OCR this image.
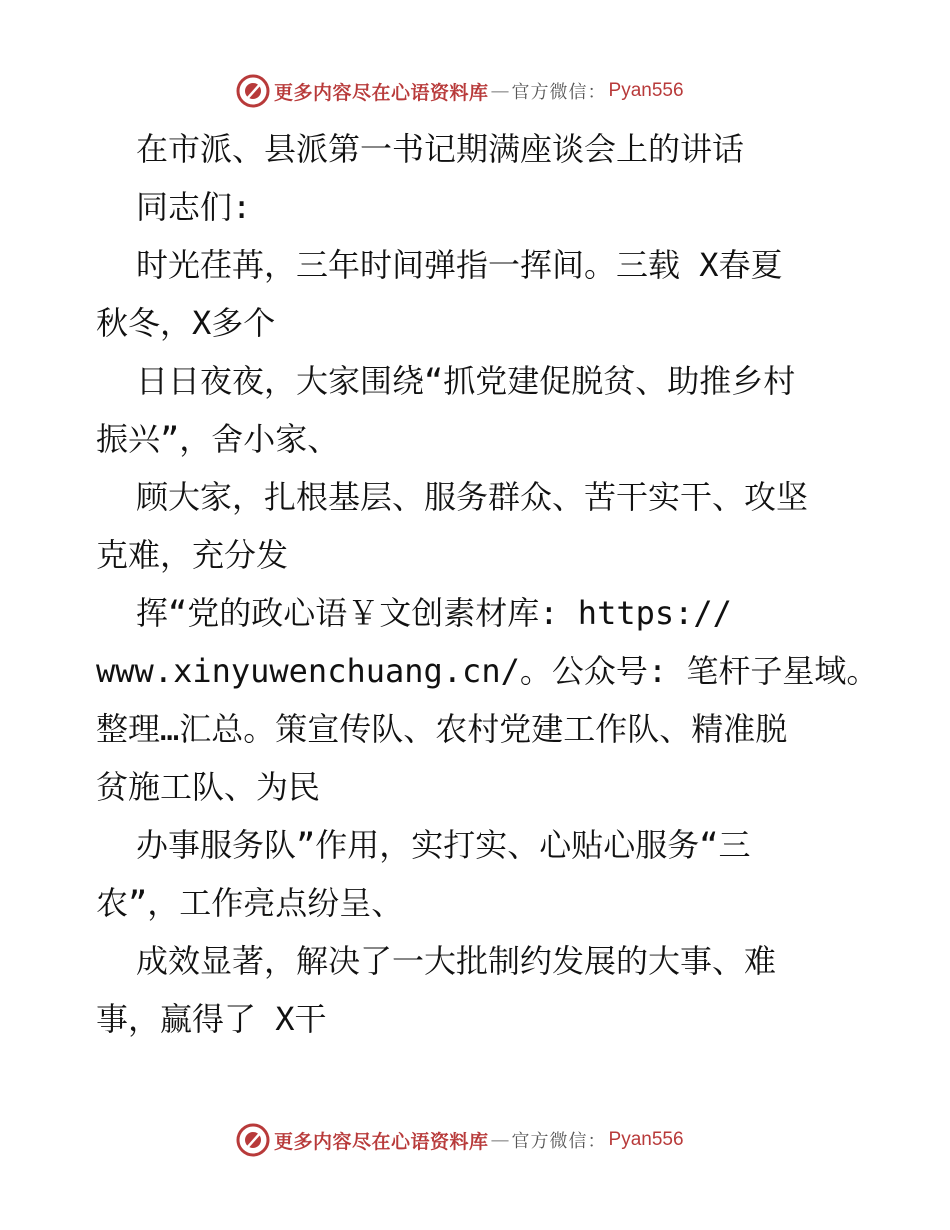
更多内容尽在心语资料库 — 官方微信： Pyan556
在市派、县派第一书记期满座谈会上的讲话
同志们:
时光荏苒，三年时间弹指一挥间。三载 X春夏
秋冬，X多个
日日夜夜，大家围绕“抓党建促脱贫、助推乡村
振兴”，舍小家、
顾大家，扎根基层、服务群众、苦干实干、攻坚
克难，充分发
挥“党的政心语￥文创素材库: https://
www.xinyuwenchuang.cn/。公众号: 笔杆子星域。
整理…汇总。策宣传队、农村党建工作队、精准脱
贫施工队、为民
办事服务队”作用，实打实、心贴心服务“三
农”，工作亮点纷呈、
成效显著，解决了一大批制约发展的大事、难
事，赢得了 X干
更多内容尽在心语资料库 — 官方微信： Pyan556
